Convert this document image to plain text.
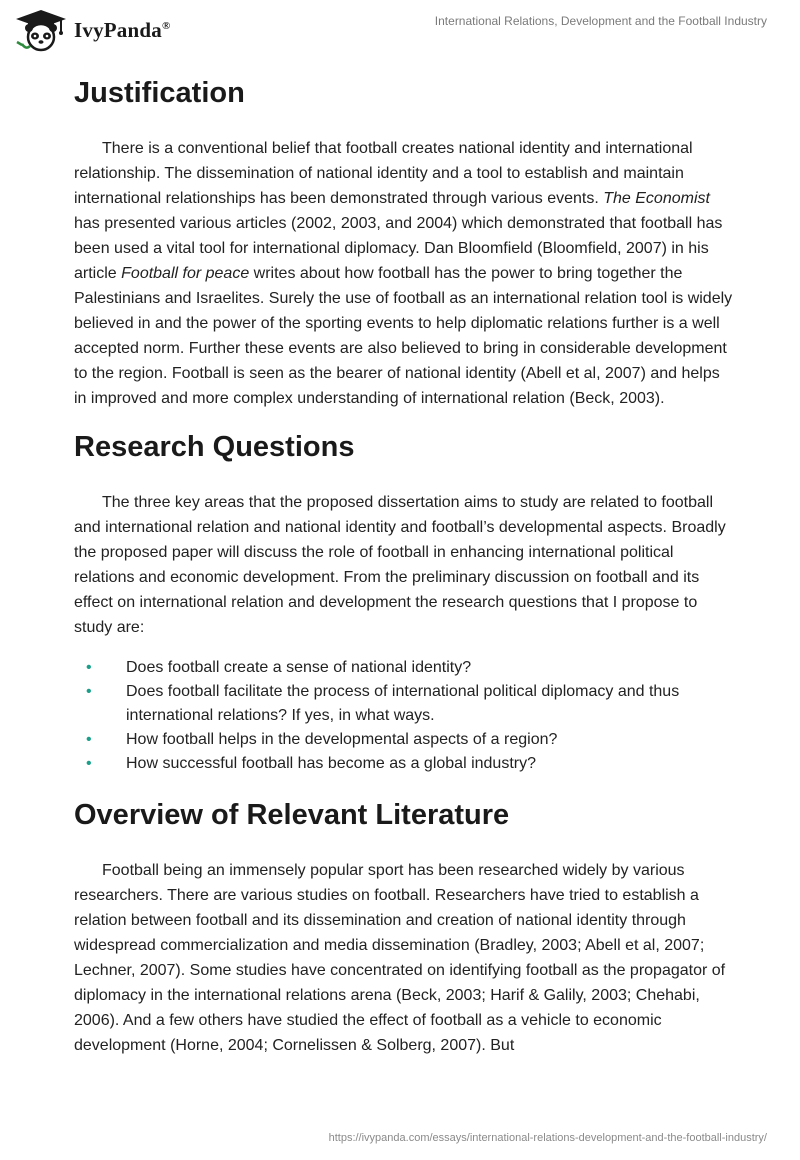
IvyPanda®	International Relations, Development and the Football Industry
Justification

There is a conventional belief that football creates national identity and international relationship. The dissemination of national identity and a tool to establish and maintain international relationships has been demonstrated through various events. The Economist has presented various articles (2002, 2003, and 2004) which demonstrated that football has been used a vital tool for international diplomacy. Dan Bloomfield (Bloomfield, 2007) in his article Football for peace writes about how football has the power to bring together the Palestinians and Israelites. Surely the use of football as an international relation tool is widely believed in and the power of the sporting events to help diplomatic relations further is a well accepted norm. Further these events are also believed to bring in considerable development to the region. Football is seen as the bearer of national identity (Abell et al, 2007) and helps in improved and more complex understanding of international relation (Beck, 2003).

Research Questions

The three key areas that the proposed dissertation aims to study are related to football and international relation and national identity and football’s developmental aspects. Broadly the proposed paper will discuss the role of football in enhancing international political relations and economic development. From the preliminary discussion on football and its effect on international relation and development the research questions that I propose to study are:

• Does football create a sense of national identity?
• Does football facilitate the process of international political diplomacy and thus international relations? If yes, in what ways.
• How football helps in the developmental aspects of a region?
• How successful football has become as a global industry?
Overview of Relevant Literature

Football being an immensely popular sport has been researched widely by various researchers. There are various studies on football. Researchers have tried to establish a relation between football and its dissemination and creation of national identity through widespread commercialization and media dissemination (Bradley, 2003; Abell et al, 2007; Lechner, 2007). Some studies have concentrated on identifying football as the propagator of diplomacy in the international relations arena (Beck, 2003; Harif & Galily, 2003; Chehabi, 2006). And a few others have studied the effect of football as a vehicle to economic development (Horne, 2004; Cornelissen & Solberg, 2007). But

https://ivypanda.com/essays/international-relations-development-and-the-football-industry/
